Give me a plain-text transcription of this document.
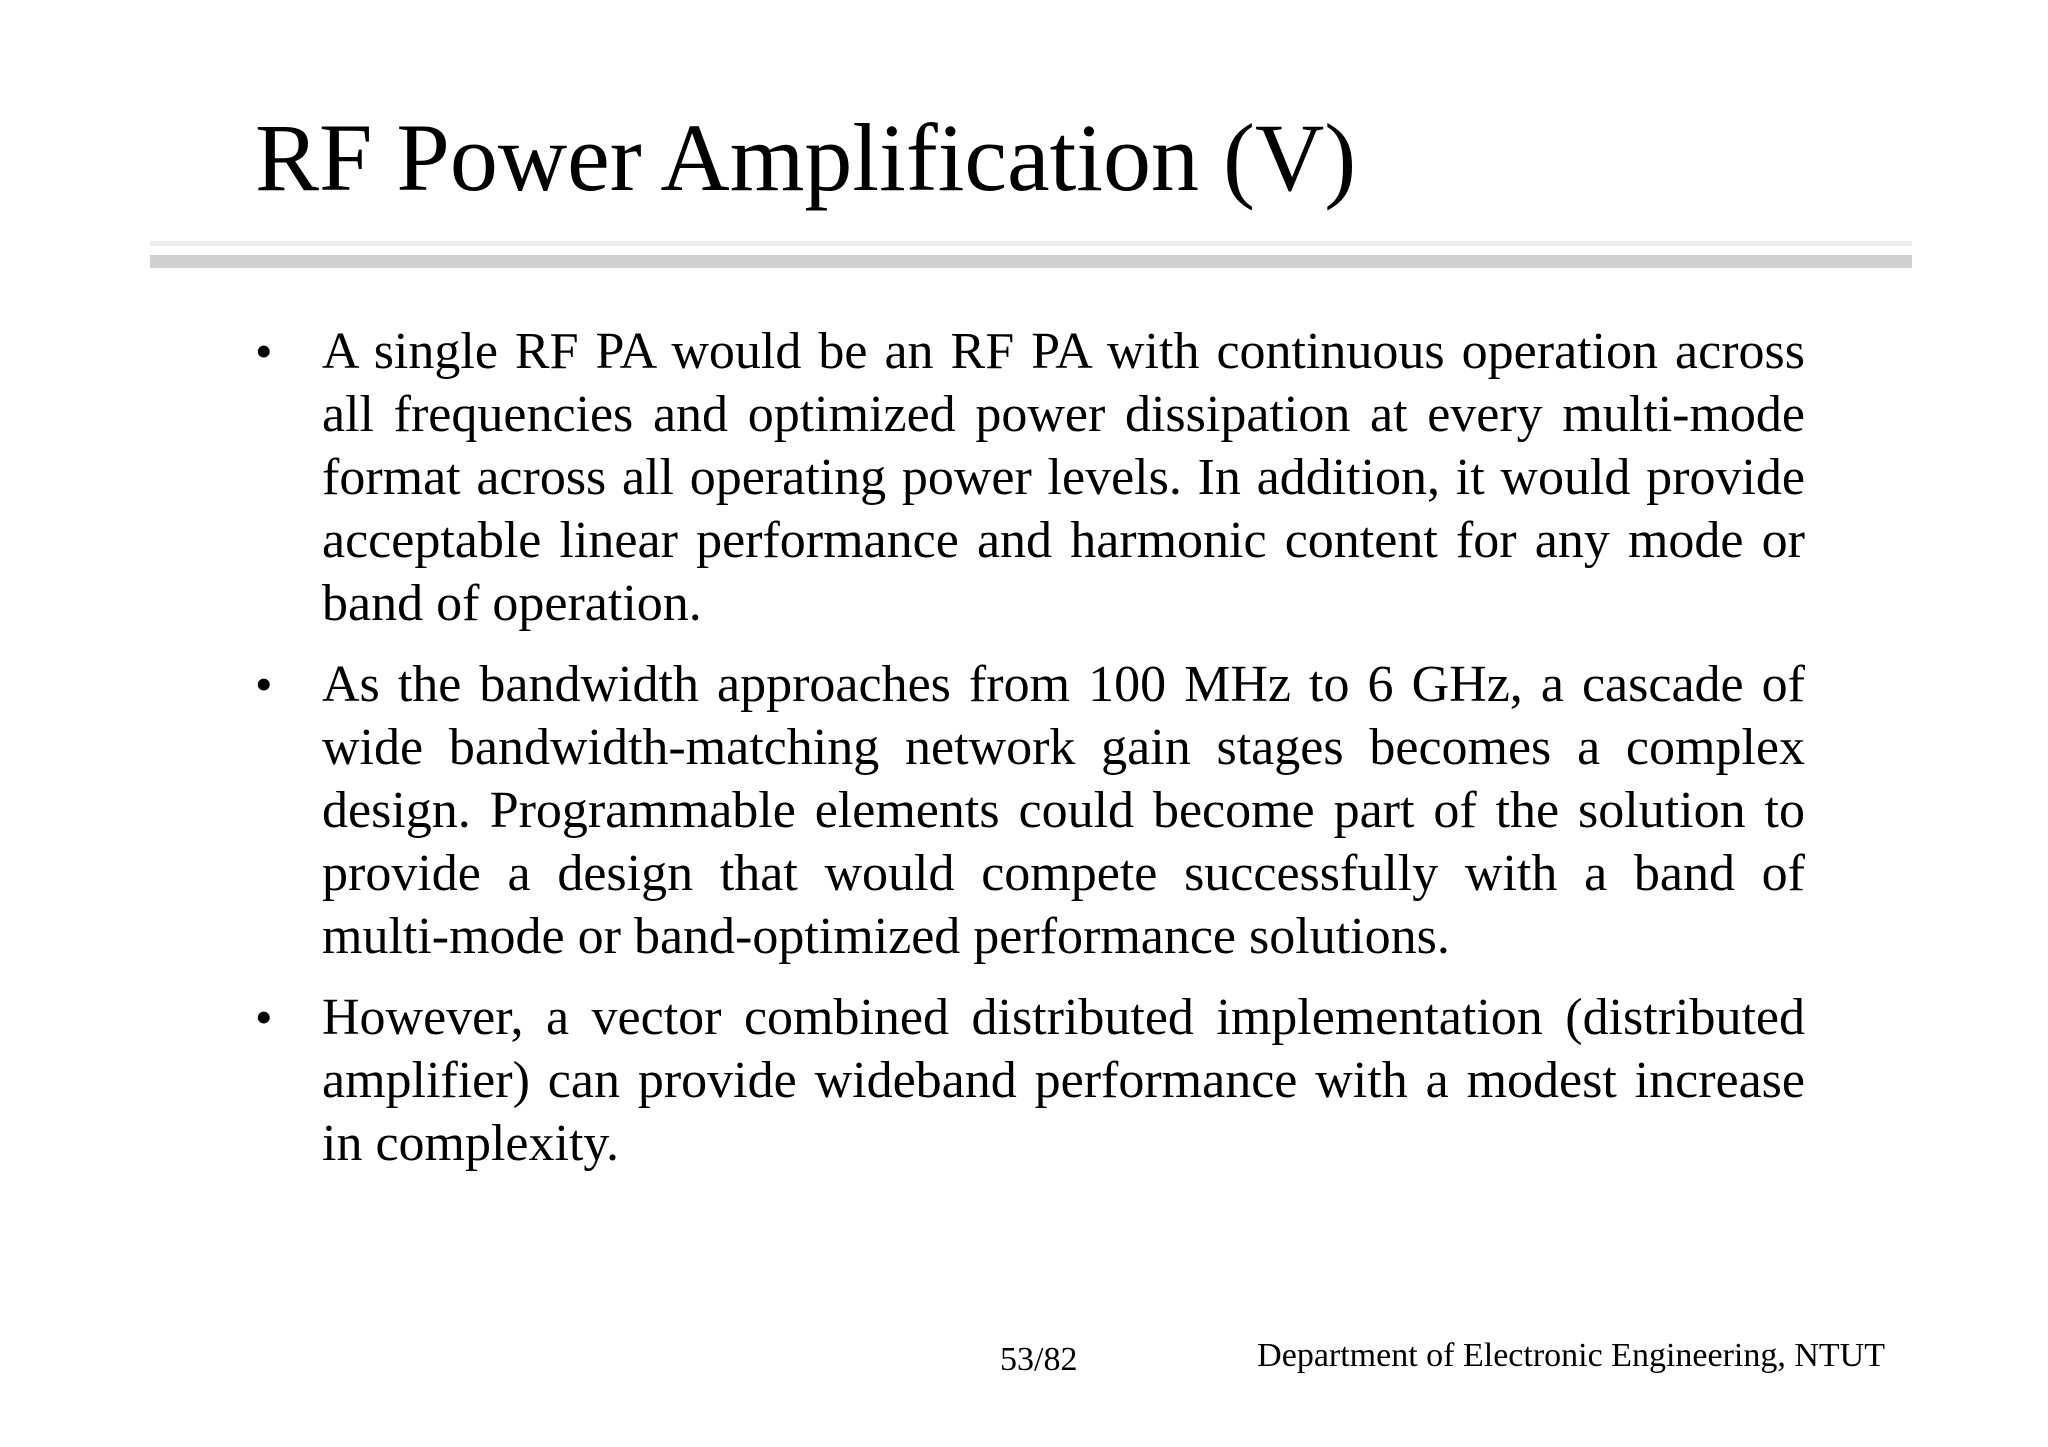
RF Power Amplification (V)
• A single RF PA would be an RF PA with continuous operation across all frequencies and optimized power dissipation at every multi-mode format across all operating power levels. In addition, it would provide acceptable linear performance and harmonic content for any mode or band of operation.
• As the bandwidth approaches from 100 MHz to 6 GHz, a cascade of wide bandwidth-matching network gain stages becomes a complex design. Programmable elements could become part of the solution to provide a design that would compete successfully with a band of multi-mode or band-optimized performance solutions.
• However, a vector combined distributed implementation (distributed amplifier) can provide wideband performance with a modest increase in complexity.
53/82	Department of Electronic Engineering, NTUT
